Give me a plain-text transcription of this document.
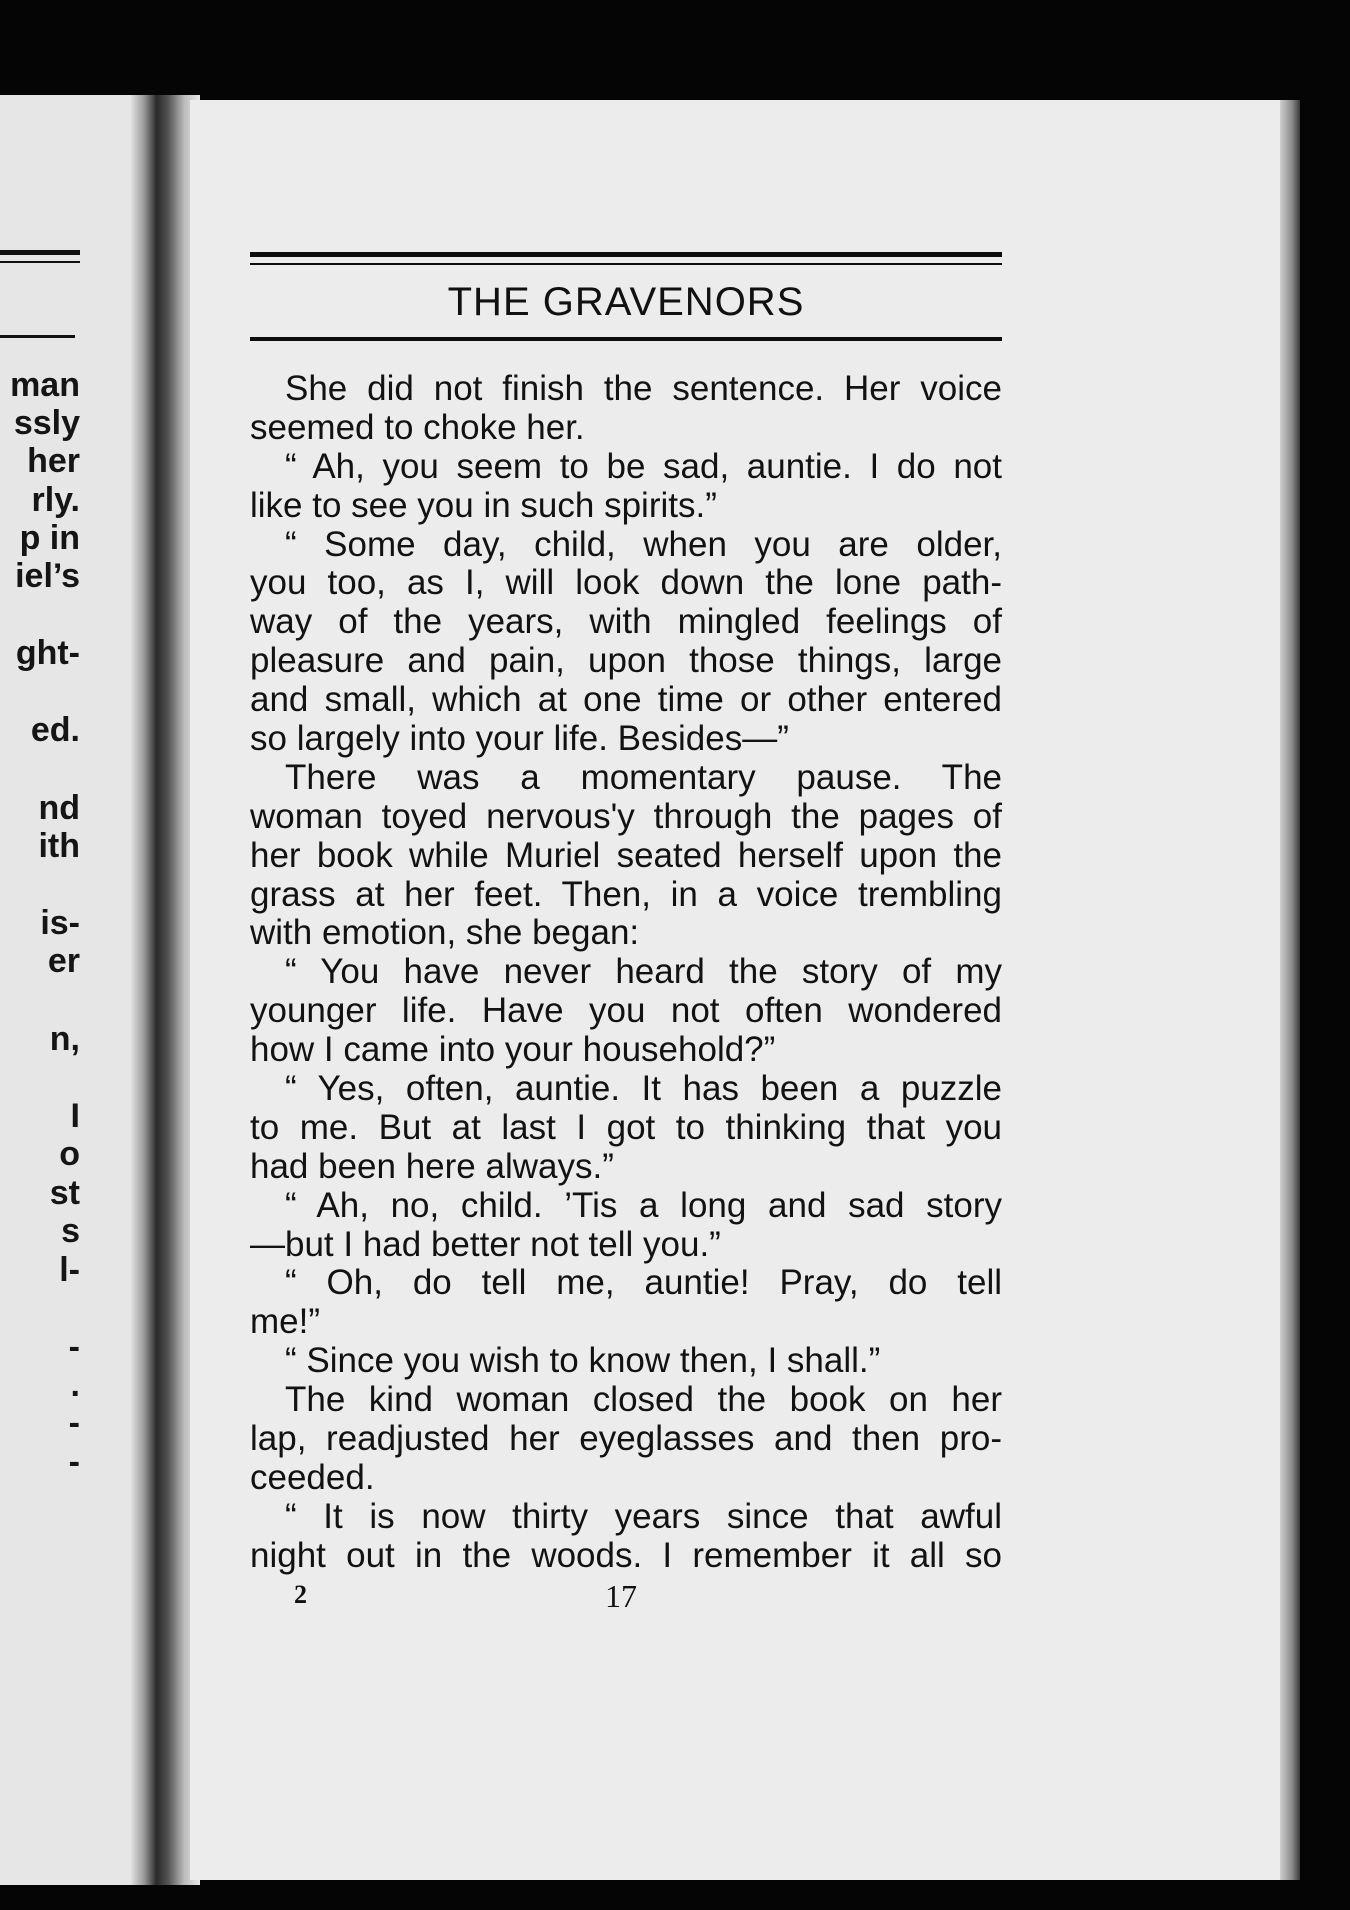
man
ssly
her
rly.
p in
iel’s
ght-
ed.
nd
ith
is-
er
n,
I
o
st
s
l-
-
.
-
-
THE GRAVENORS
She did not finish the sentence. Her voice
seemed to choke her.
“ Ah, you seem to be sad, auntie. I do not
like to see you in such spirits.”
“ Some day, child, when you are older,
you too, as I, will look down the lone path-
way of the years, with mingled feelings of
pleasure and pain, upon those things, large
and small, which at one time or other entered
so largely into your life. Besides—”
There was a momentary pause. The
woman toyed nervous'y through the pages of
her book while Muriel seated herself upon the
grass at her feet. Then, in a voice trembling
with emotion, she began:
“ You have never heard the story of my
younger life. Have you not often wondered
how I came into your household?”
“ Yes, often, auntie. It has been a puzzle
to me. But at last I got to thinking that you
had been here always.”
“ Ah, no, child. ’Tis a long and sad story
—but I had better not tell you.”
“ Oh, do tell me, auntie! Pray, do tell
me!”
“ Since you wish to know then, I shall.”
The kind woman closed the book on her
lap, readjusted her eyeglasses and then pro-
ceeded.
“ It is now thirty years since that awful
night out in the woods. I remember it all so
2	17
